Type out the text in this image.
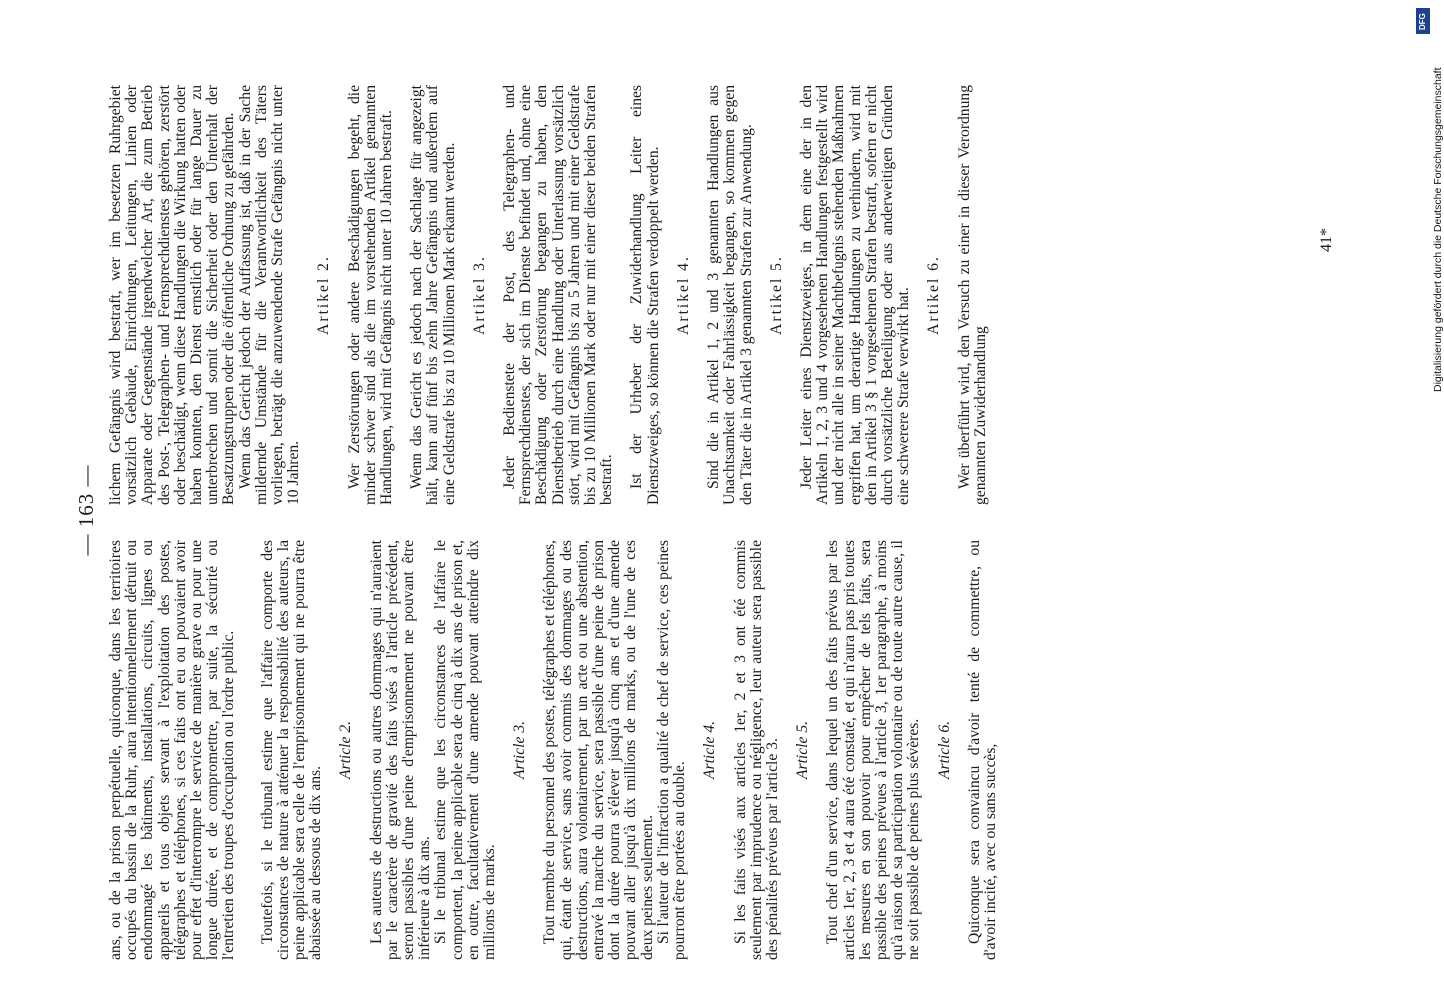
— 163 —

ans, ou de la prison perpétuelle, quiconque, dans les territoires occupés du bassin de la Ruhr, aura intentionnellement détruit ou endommagé les bâtiments, installations, circuits, lignes ou appareils et tous objets servant à l'exploitation des postes, télégraphes et téléphones, si ces faits ont eu ou pouvaient avoir pour effet d'interrompre le service de manière grave ou pour une longue durée, et de compromettre, par suite, la sécurité ou l'entretien des troupes d'occupation ou l'ordre public. Toutefois, si le tribunal estime que l'affaire comporte des circonstances de nature à atténuer la responsabilité des auteurs, la peine applicable sera celle de l'emprisonnement qui ne pourra être abaissée au dessous de dix ans.

Article 2. Les auteurs de destructions ou autres dommages qui n'auraient par le caractère de gravité des faits visés à l'article précédent, seront passibles d'une peine d'emprisonnement ne pouvant être inférieure à dix ans. Si le tribunal estime que les circonstances de l'affaire le comportent, la peine applicable sera de cinq à dix ans de prison et, en outre, facultativement d'une amende pouvant atteindre dix millions de marks.

Article 3. Tout membre du personnel des postes, télégraphes et téléphones, qui, étant de service, sans avoir commis des dommages ou des destructions, aura volontairement, par un acte ou une abstention, entravé la marche du service, sera passible d'une peine de prison dont la durée pourra s'élever jusqu'à cinq ans et d'une amende pouvant aller jusqu'à dix millions de marks, ou de l'une de ces deux peines seulement. Si l'auteur de l'infraction a qualité de chef de service, ces peines pourront être portées au double.

Article 4. Si les faits visés aux articles 1er, 2 et 3 ont été commis seulement par imprudence ou négligence, leur auteur sera passible des pénalités prévues par l'article 3. Article 5. Tout chef d'un service, dans lequel un des faits prévus par les articles 1er, 2, 3 et 4 aura été constaté, et qui n'aura pas pris toutes les mesures en son pouvoir pour empêcher de tels faits, sera passible des peines prévues à l'article 3, 1er paragraphe, à moins qu'à raison de sa participation volontaire ou de toute autre cause, il ne soit passible de peines plus sévères. Article 6. Quiconque sera convaincu d'avoir tenté de commettre, ou d'avoir incité, avec ou sans succès,

lichem Gefängnis wird bestraft, wer im besetzten Ruhrgebiet vorsätzlich Gebäude, Einrichtungen, Leitungen, Linien oder Apparate oder Gegenstände irgendwelcher Art, die zum Betrieb des Post-, Telegraphen- und Fernsprechdienstes gehören, zerstört oder beschädigt, wenn diese Handlungen die Wirkung hatten oder haben konnten, den Dienst ernstlich oder für lange Dauer zu unterbrechen und somit die Sicherheit oder den Unterhalt der Besatzungstruppen oder die öffentliche Ordnung zu gefährden. Wenn das Gericht jedoch der Auffassung ist, daß in der Sache mildernde Umstände für die Verantwortlichkeit des Täters vorliegen, beträgt die anzuwendende Strafe Gefängnis nicht unter 10 Jahren.

Artikel 2. Wer Zerstörungen oder andere Beschädigungen begeht, die minder schwer sind als die im vorstehenden Artikel genannten Handlungen, wird mit Gefängnis nicht unter 10 Jahren bestraft. Wenn das Gericht es jedoch nach der Sachlage für angezeigt hält, kann auf fünf bis zehn Jahre Gefängnis und außerdem auf eine Geldstrafe bis zu 10 Millionen Mark erkannt werden. Artikel 3. Jeder Bedienstete der Post, des Telegraphen- und Fernsprechdienstes, der sich im Dienste befindet und, ohne eine Beschädigung oder Zerstörung begangen zu haben, den Dienstbetrieb durch eine Handlung oder Unterlassung vorsätzlich stört, wird mit Gefängnis bis zu 5 Jahren und mit einer Geldstrafe bis zu 10 Millionen Mark oder nur mit einer dieser beiden Strafen bestraft. Ist der Urheber der Zuwiderhandlung Leiter eines Dienstzweiges, so können die Strafen verdoppelt werden. Artikel 4. Sind die in Artikel 1, 2 und 3 genannten Handlungen aus Unachtsamkeit oder Fahrlässigkeit begangen, so kommen gegen den Täter die in Artikel 3 genannten Strafen zur Anwendung. Artikel 5. Jeder Leiter eines Dienstzweiges, in dem eine der in den Artikeln 1, 2, 3 und 4 vorgesehenen Handlungen festgestellt wird und der nicht alle in seiner Machtbefugnis stehenden Maßnahmen ergriffen hat, um derartige Handlungen zu verhindern, wird mit den in Artikel 3 § 1 vorgesehenen Strafen bestraft, sofern er nicht durch vorsätzliche Beteiligung oder aus anderweitigen Gründen eine schwerere Strafe verwirkt hat. Artikel 6. Wer überführt wird, den Versuch zu einer in dieser Verordnung genannten Zuwiderhandlung

41*	Digitalisierung gefördert durch die Deutsche Forschungsgemeinschaft
DFG
